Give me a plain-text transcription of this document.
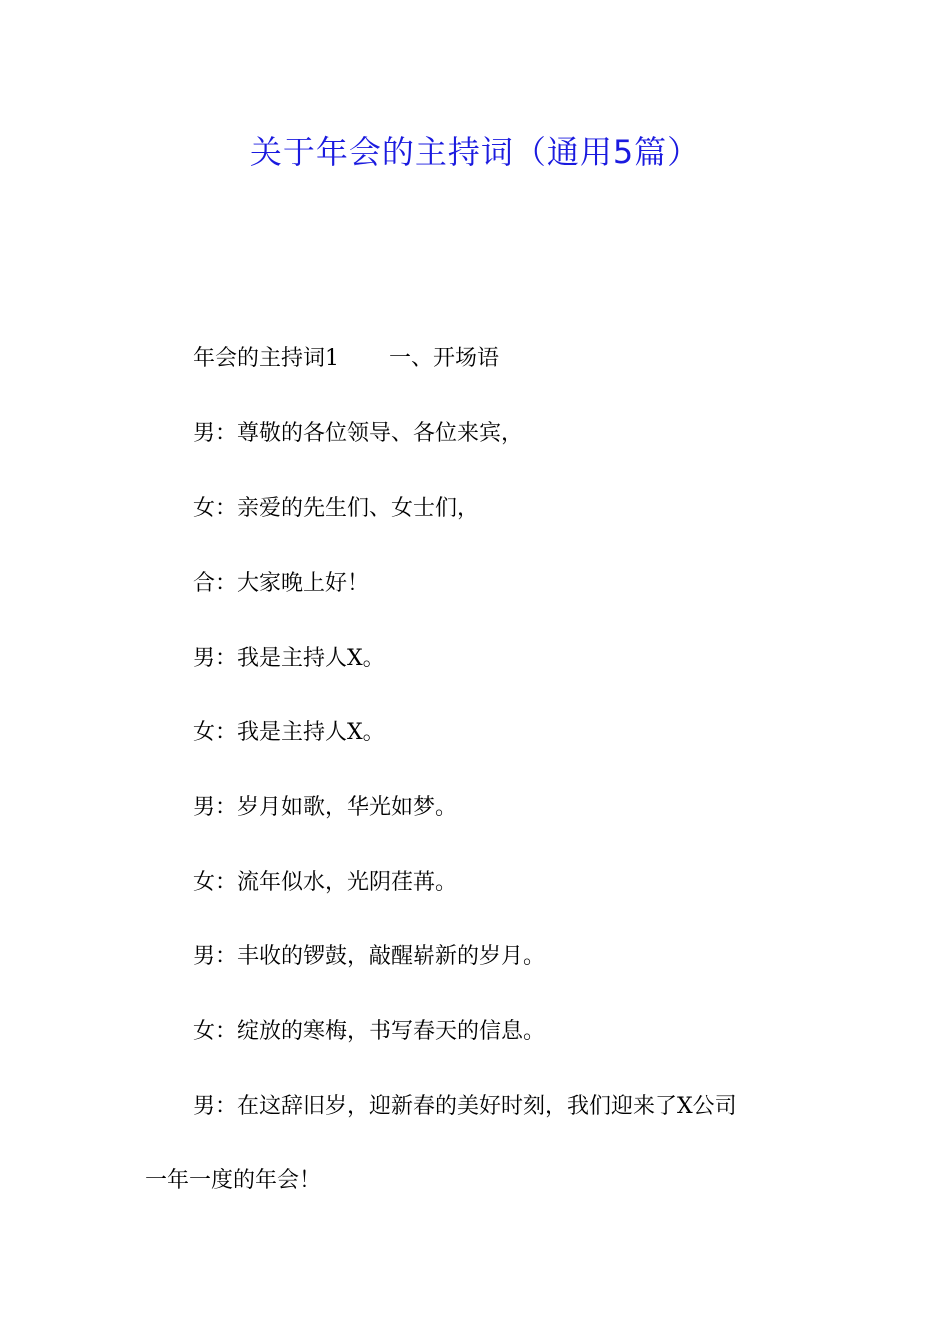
关于年会的主持词（通用5篇）

年会的主持词1 一、开场语

男：尊敬的各位领导、各位来宾，

女：亲爱的先生们、女士们，

合：大家晚上好！

男：我是主持人X。

女：我是主持人X。

男：岁月如歌，华光如梦。

女：流年似水，光阴荏苒。

男：丰收的锣鼓，敲醒崭新的岁月。

女：绽放的寒梅，书写春天的信息。

男：在这辞旧岁，迎新春的美好时刻，我们迎来了X公司

一年一度的年会！
